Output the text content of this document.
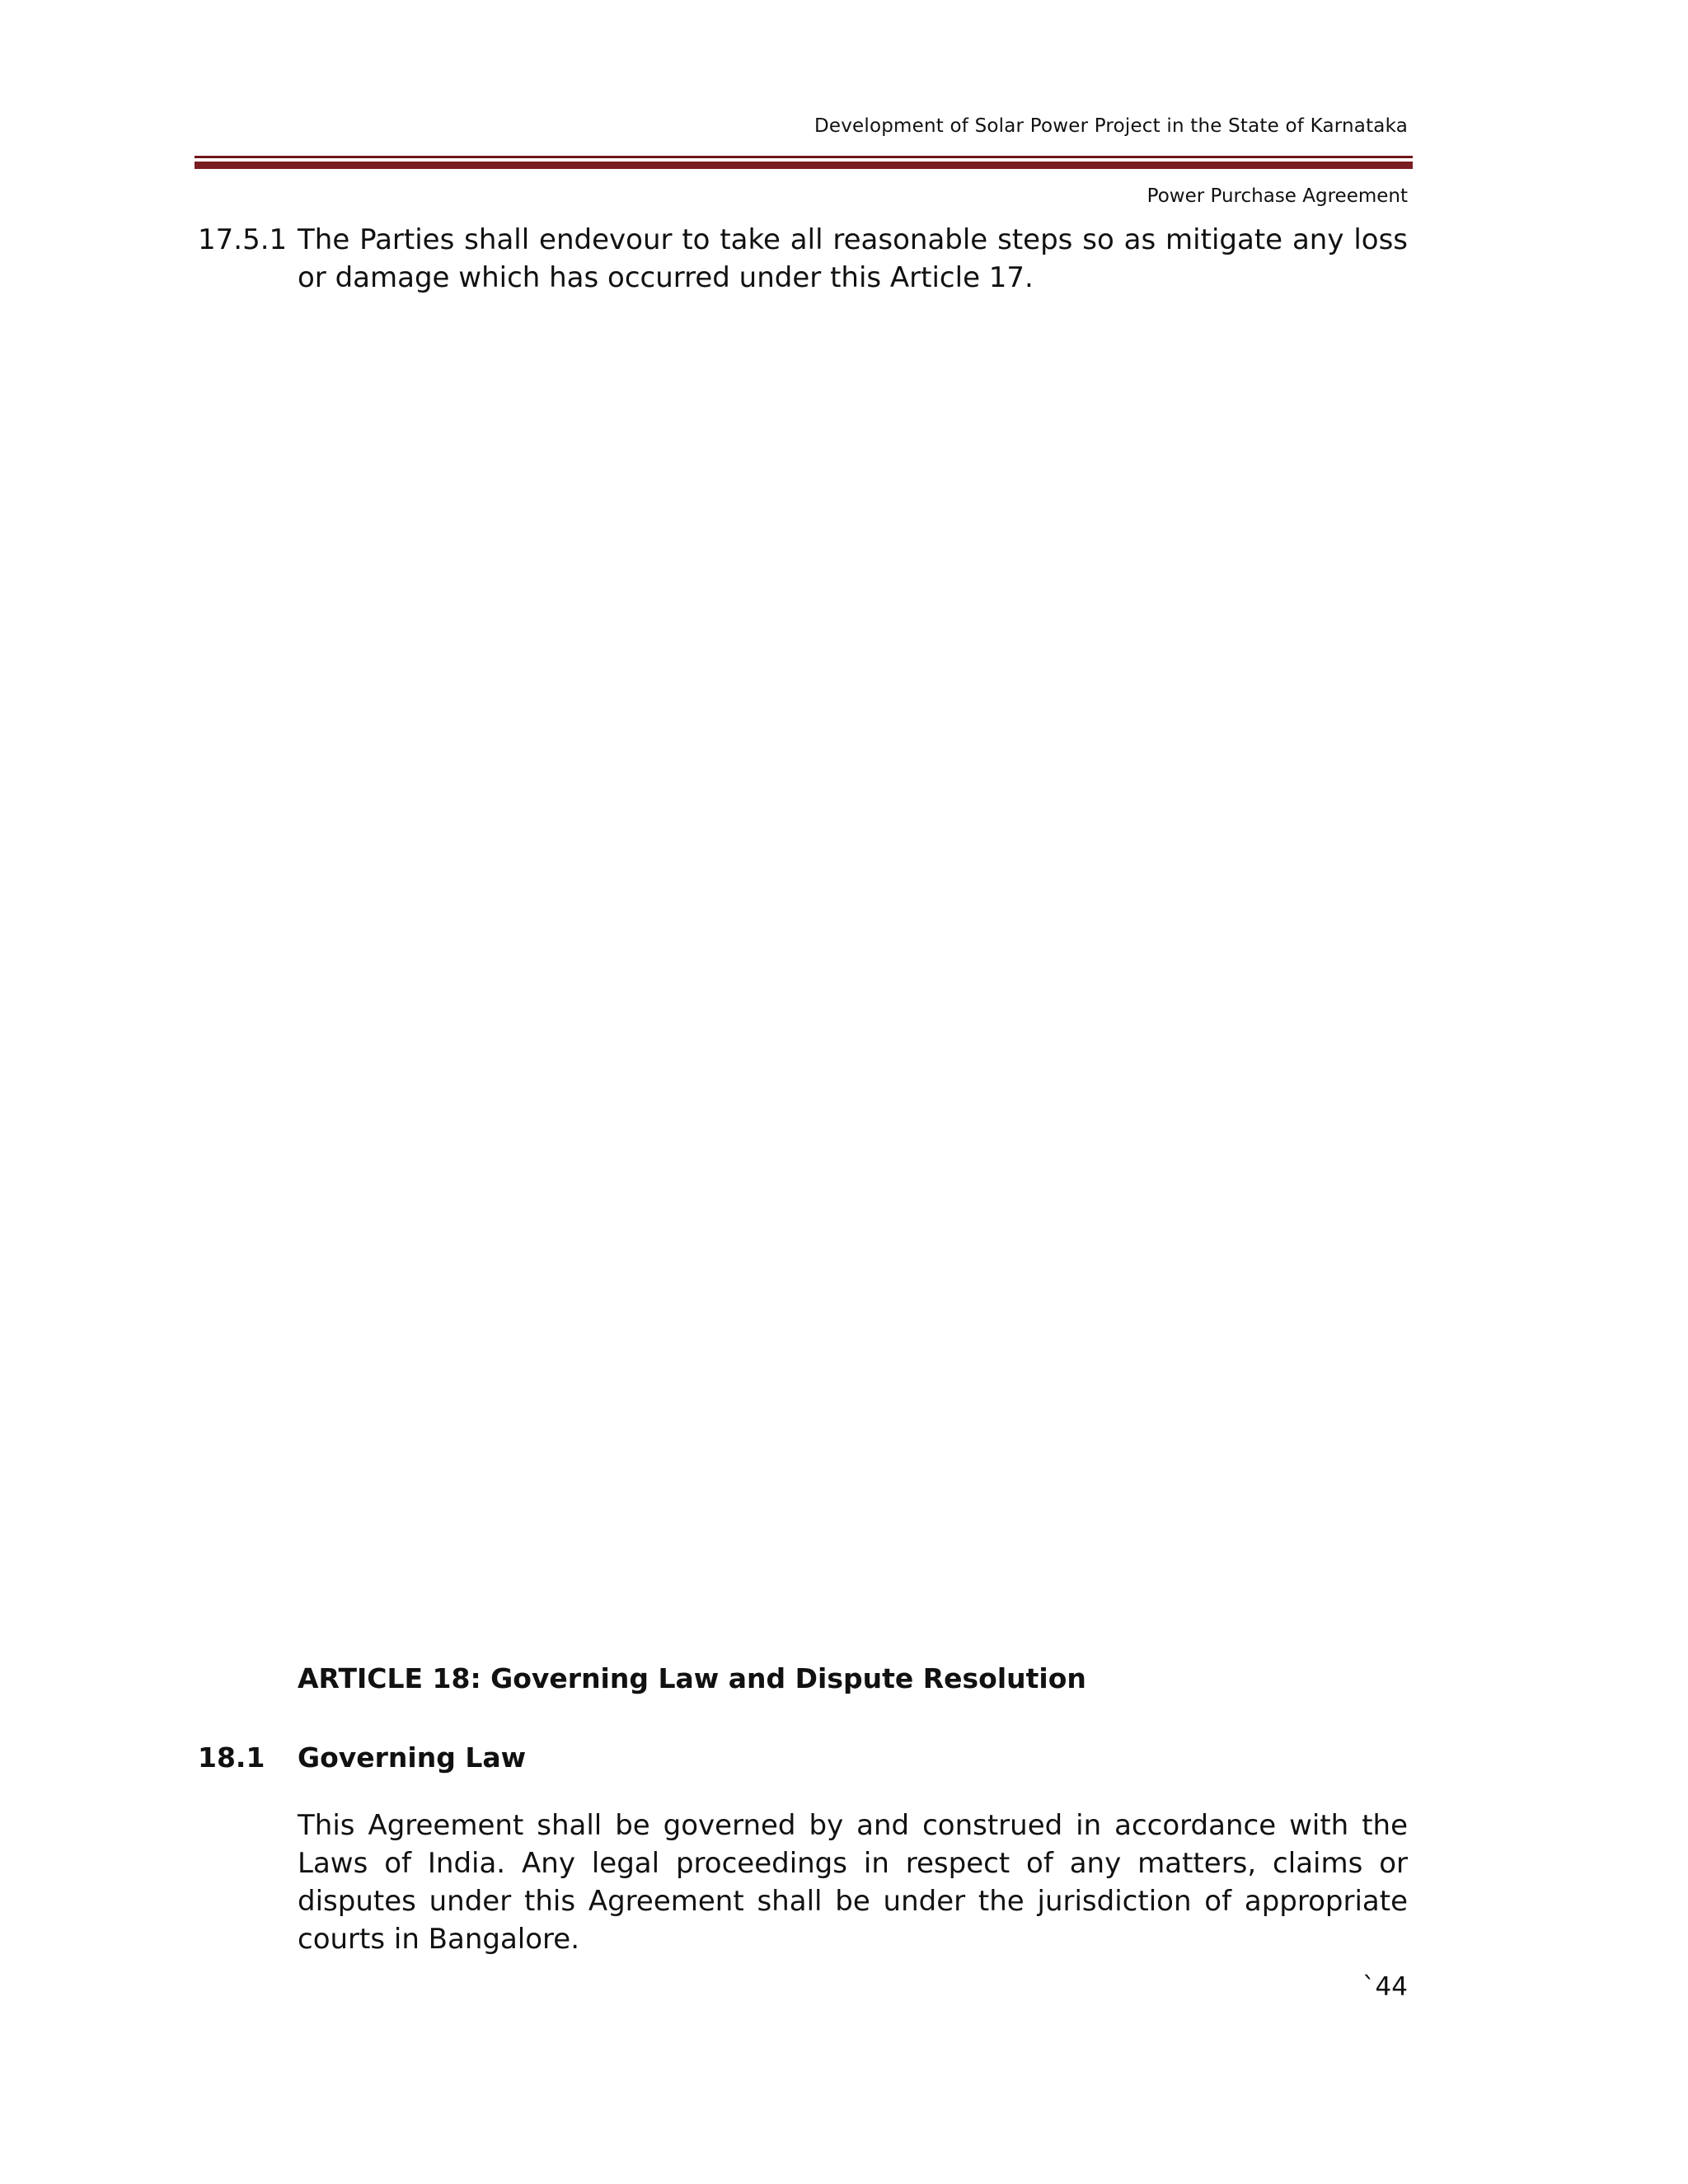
Development of Solar Power Project in the State of Karnataka
Power Purchase Agreement
17.5.1 The Parties shall endevour to take all reasonable steps so as mitigate any loss or damage which has occurred under this Article 17.
ARTICLE 18: Governing Law and Dispute Resolution
18.1 Governing Law
This Agreement shall be governed by and construed in accordance with the Laws of India. Any legal proceedings in respect of any matters, claims or disputes under this Agreement shall be under the jurisdiction of appropriate courts in Bangalore.
`44
